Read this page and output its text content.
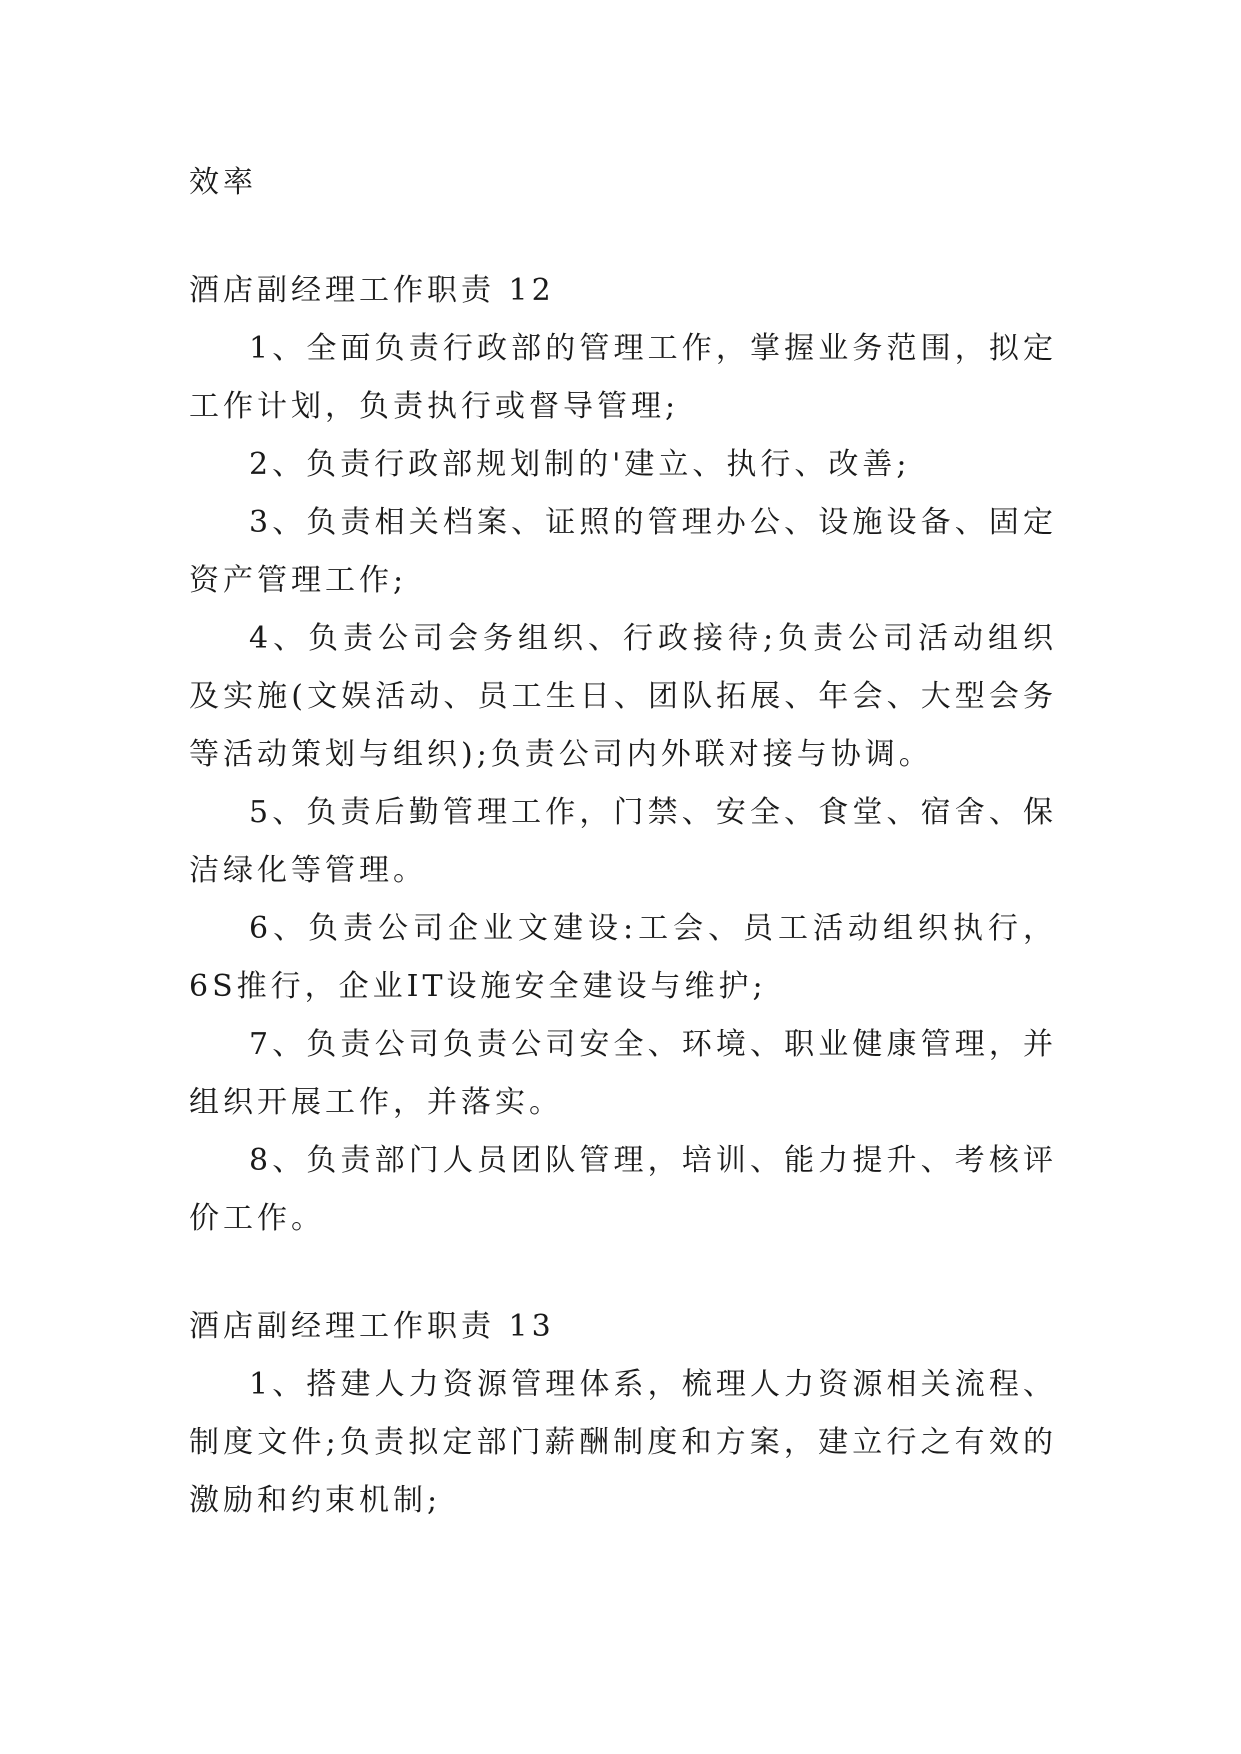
效率

酒店副经理工作职责 12

1、全面负责行政部的管理工作，掌握业务范围，拟定工作计划，负责执行或督导管理;

2、负责行政部规划制的'建立、执行、改善;

3、负责相关档案、证照的管理办公、设施设备、固定资产管理工作;

4、负责公司会务组织、行政接待;负责公司活动组织及实施(文娱活动、员工生日、团队拓展、年会、大型会务等活动策划与组织);负责公司内外联对接与协调。

5、负责后勤管理工作，门禁、安全、食堂、宿舍、保洁绿化等管理。

6、负责公司企业文建设:工会、员工活动组织执行，6S推行，企业IT设施安全建设与维护;

7、负责公司负责公司安全、环境、职业健康管理，并组织开展工作，并落实。

8、负责部门人员团队管理，培训、能力提升、考核评价工作。

酒店副经理工作职责 13

1、搭建人力资源管理体系，梳理人力资源相关流程、制度文件;负责拟定部门薪酬制度和方案，建立行之有效的激励和约束机制;
